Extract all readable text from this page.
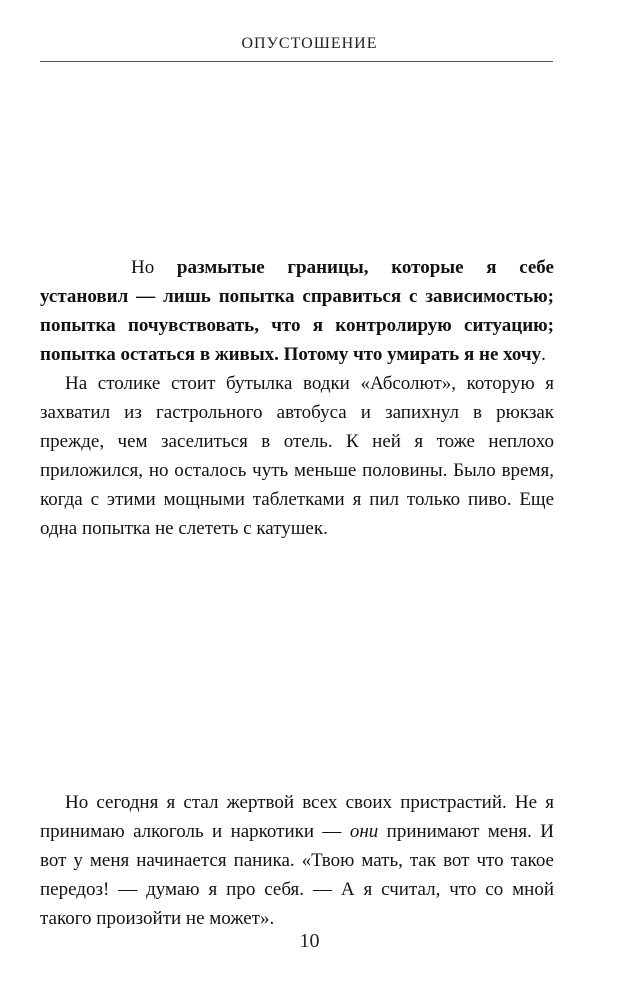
ОПУСТОШЕНИЕ

Но размытые границы, которые я себе установил — лишь попытка справиться с зависимостью; попытка почувствовать, что я контролирую ситуацию; попытка остаться в живых. Потому что умирать я не хочу.

На столике стоит бутылка водки «Абсолют», которую я захватил из гастрольного автобуса и запихнул в рюкзак прежде, чем заселиться в отель. К ней я тоже неплохо приложился, но осталось чуть меньше половины. Было время, когда с этими мощными таблетками я пил только пиво. Еще одна попытка не слететь с катушек.

Но сегодня я стал жертвой всех своих пристрастий. Не я принимаю алкоголь и наркотики — они принимают меня. И вот у меня начинается паника. «Твою мать, так вот что такое передоз! — думаю я про себя. — А я считал, что со мной такого произойти не может».

10
